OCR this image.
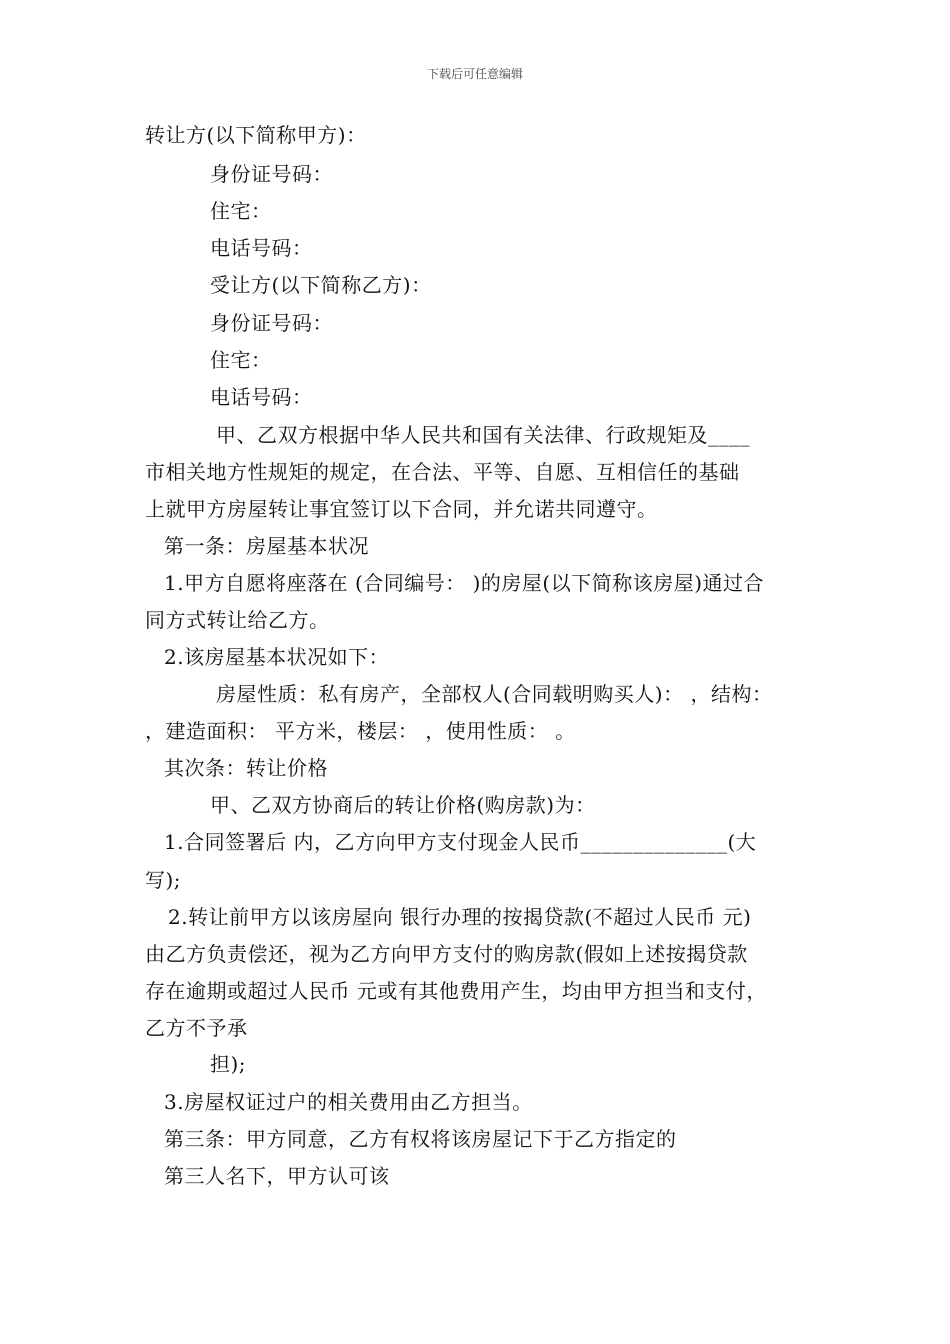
下载后可任意编辑
转让方(以下简称甲方)：
身份证号码：
住宅：
电话号码：
受让方(以下简称乙方)：
身份证号码：
住宅：
电话号码：
甲、乙双方根据中华人民共和国有关法律、行政规矩及____
市相关地方性规矩的规定，在合法、平等、自愿、互相信任的基础
上就甲方房屋转让事宜签订以下合同，并允诺共同遵守。
第一条：房屋基本状况
1.甲方自愿将座落在 (合同编号： )的房屋(以下简称该房屋)通过合
同方式转让给乙方。
2.该房屋基本状况如下：
房屋性质：私有房产，全部权人(合同载明购买人)： ，结构：
，建造面积： 平方米，楼层： ，使用性质： 。
其次条：转让价格
甲、乙双方协商后的转让价格(购房款)为：
1.合同签署后 内，乙方向甲方支付现金人民币______________(大
写);
2.转让前甲方以该房屋向 银行办理的按揭贷款(不超过人民币 元)
由乙方负责偿还，视为乙方向甲方支付的购房款(假如上述按揭贷款
存在逾期或超过人民币 元或有其他费用产生，均由甲方担当和支付，
乙方不予承
担);
3.房屋权证过户的相关费用由乙方担当。
第三条：甲方同意，乙方有权将该房屋记下于乙方指定的
第三人名下，甲方认可该
